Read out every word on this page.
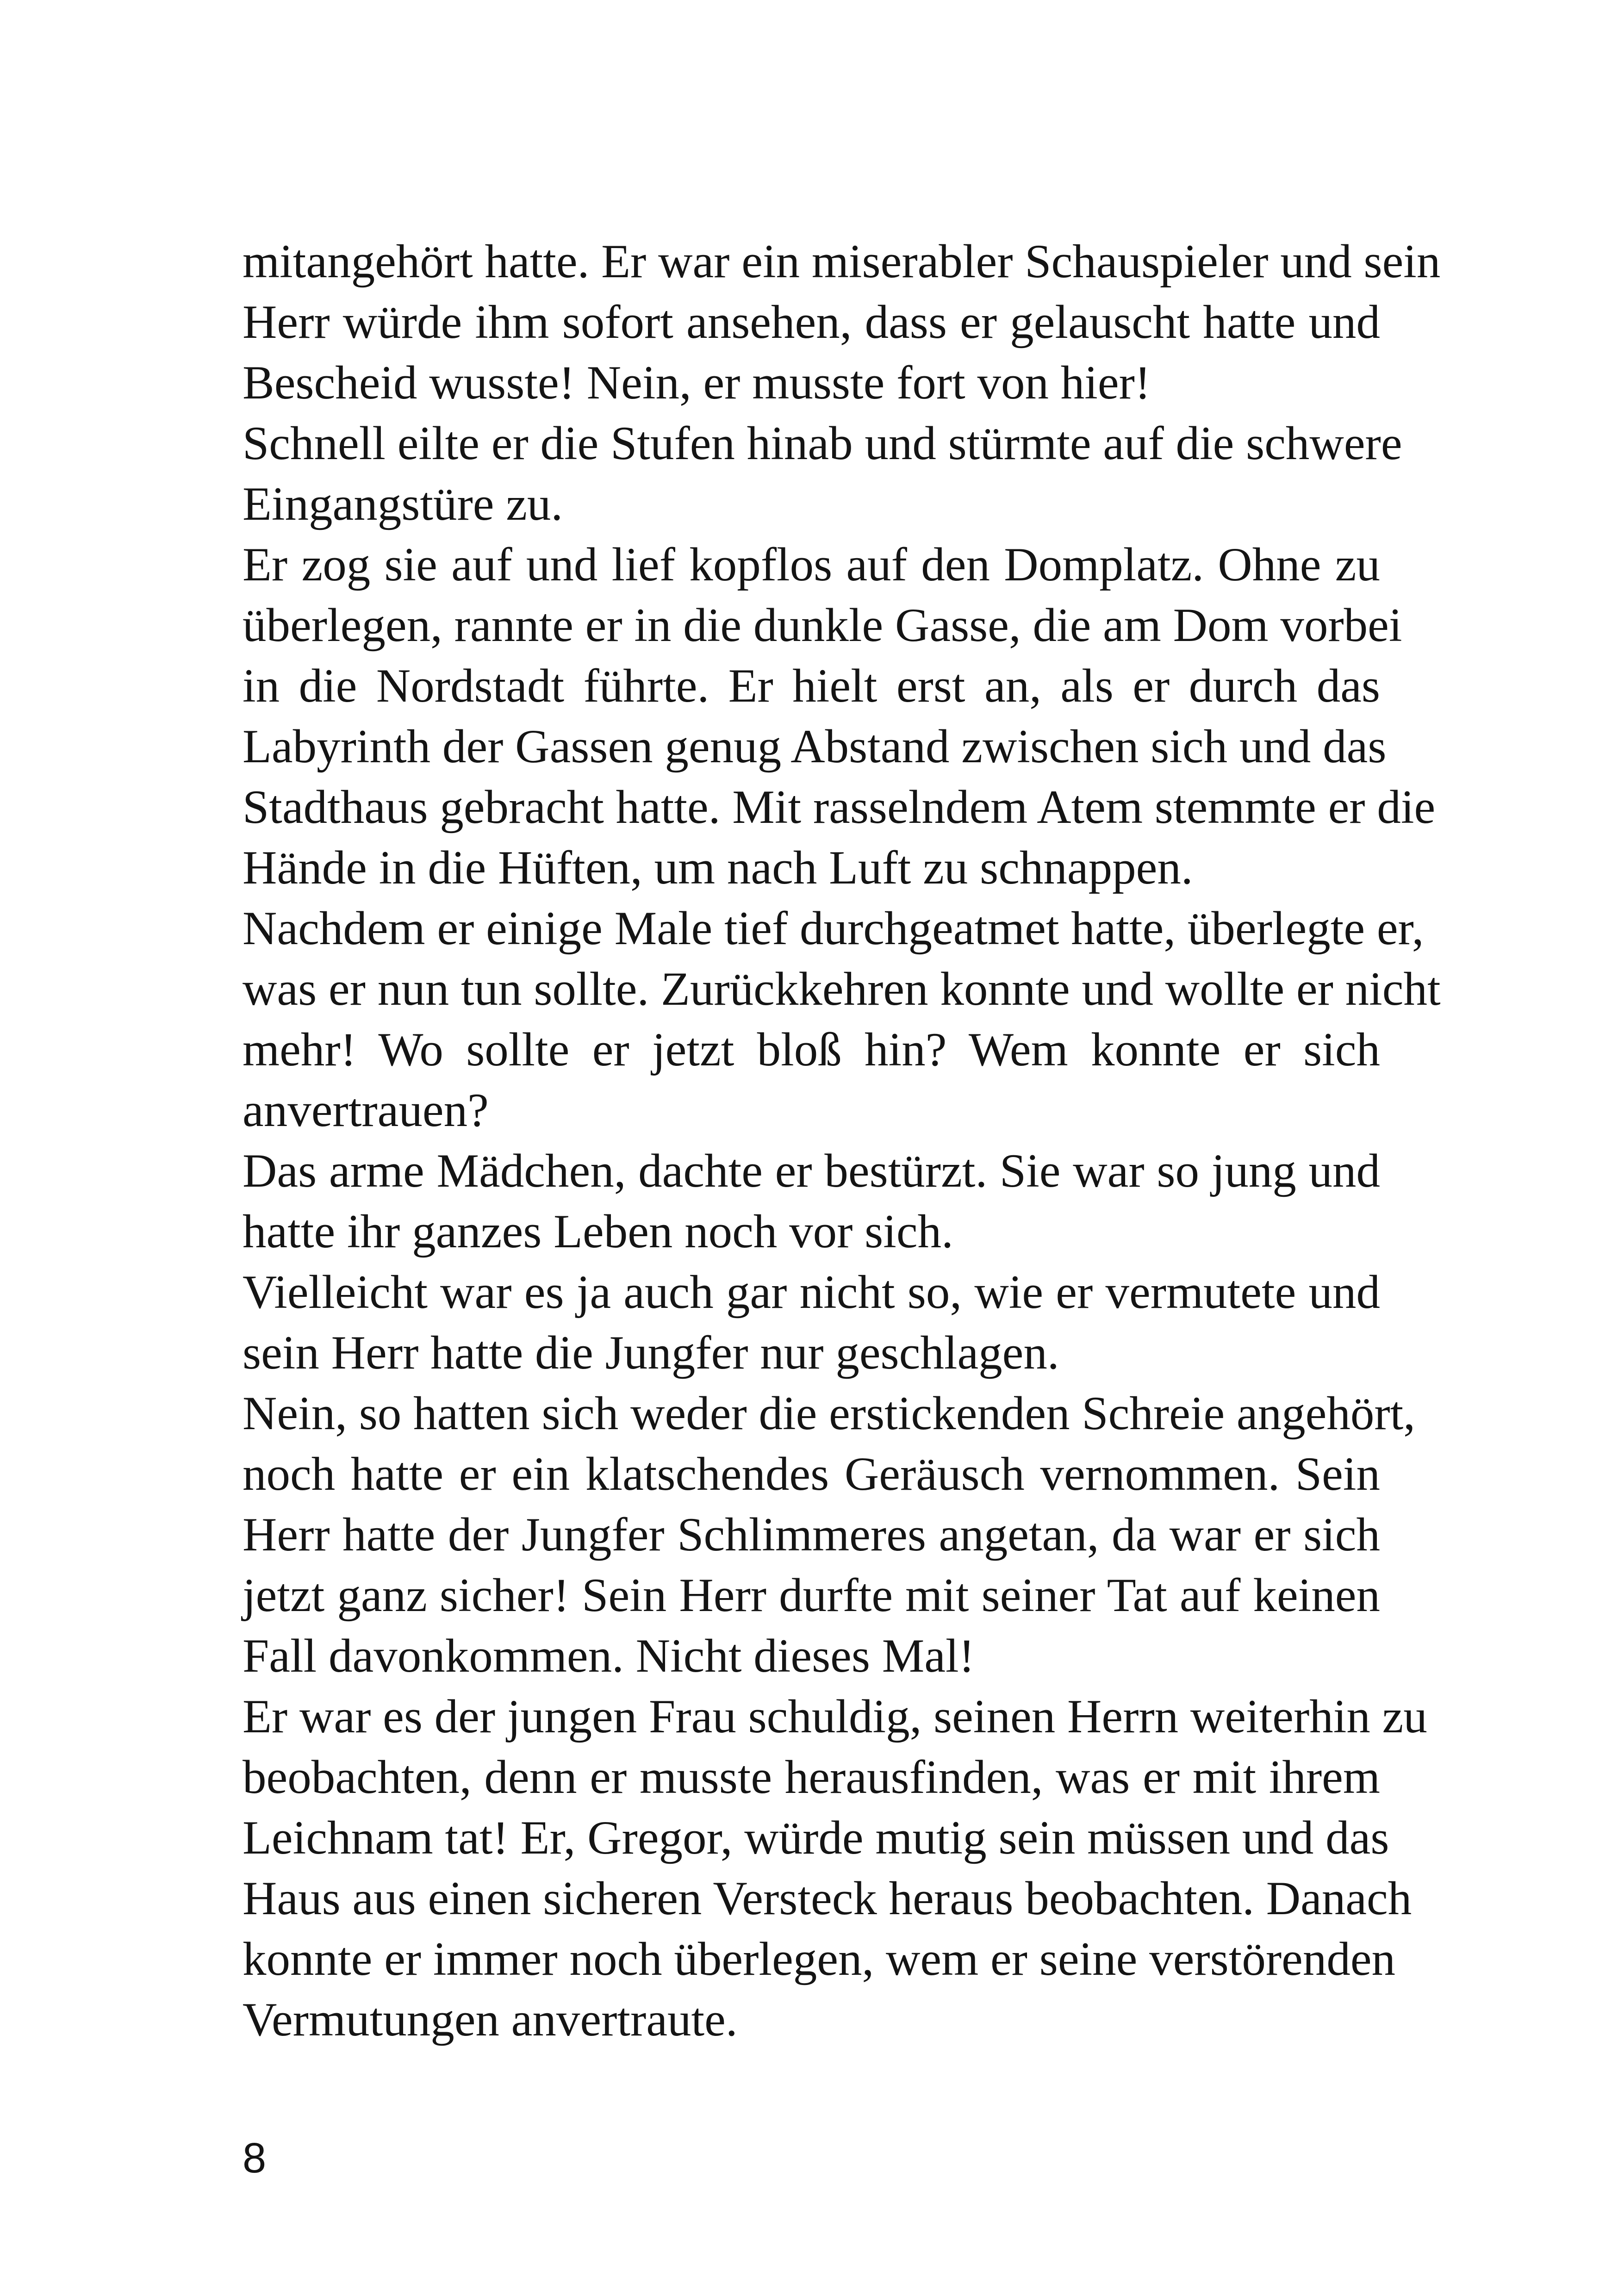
mitangehört hatte. Er war ein miserabler Schauspieler und sein
Herr würde ihm sofort ansehen, dass er gelauscht hatte und
Bescheid wusste! Nein, er musste fort von hier!
Schnell eilte er die Stufen hinab und stürmte auf die schwere
Eingangstüre zu.
Er zog sie auf und lief kopflos auf den Domplatz. Ohne zu
überlegen, rannte er in die dunkle Gasse, die am Dom vorbei
in die Nordstadt führte. Er hielt erst an, als er durch das
Labyrinth der Gassen genug Abstand zwischen sich und das
Stadthaus gebracht hatte. Mit rasselndem Atem stemmte er die
Hände in die Hüften, um nach Luft zu schnappen.
Nachdem er einige Male tief durchgeatmet hatte, überlegte er,
was er nun tun sollte. Zurückkehren konnte und wollte er nicht
mehr! Wo sollte er jetzt bloß hin? Wem konnte er sich
anvertrauen?
Das arme Mädchen, dachte er bestürzt. Sie war so jung und
hatte ihr ganzes Leben noch vor sich.
Vielleicht war es ja auch gar nicht so, wie er vermutete und
sein Herr hatte die Jungfer nur geschlagen.
Nein, so hatten sich weder die erstickenden Schreie angehört,
noch hatte er ein klatschendes Geräusch vernommen. Sein
Herr hatte der Jungfer Schlimmeres angetan, da war er sich
jetzt ganz sicher! Sein Herr durfte mit seiner Tat auf keinen
Fall davonkommen. Nicht dieses Mal!
Er war es der jungen Frau schuldig, seinen Herrn weiterhin zu
beobachten, denn er musste herausfinden, was er mit ihrem
Leichnam tat! Er, Gregor, würde mutig sein müssen und das
Haus aus einen sicheren Versteck heraus beobachten. Danach
konnte er immer noch überlegen, wem er seine verstörenden
Vermutungen anvertraute.
8
